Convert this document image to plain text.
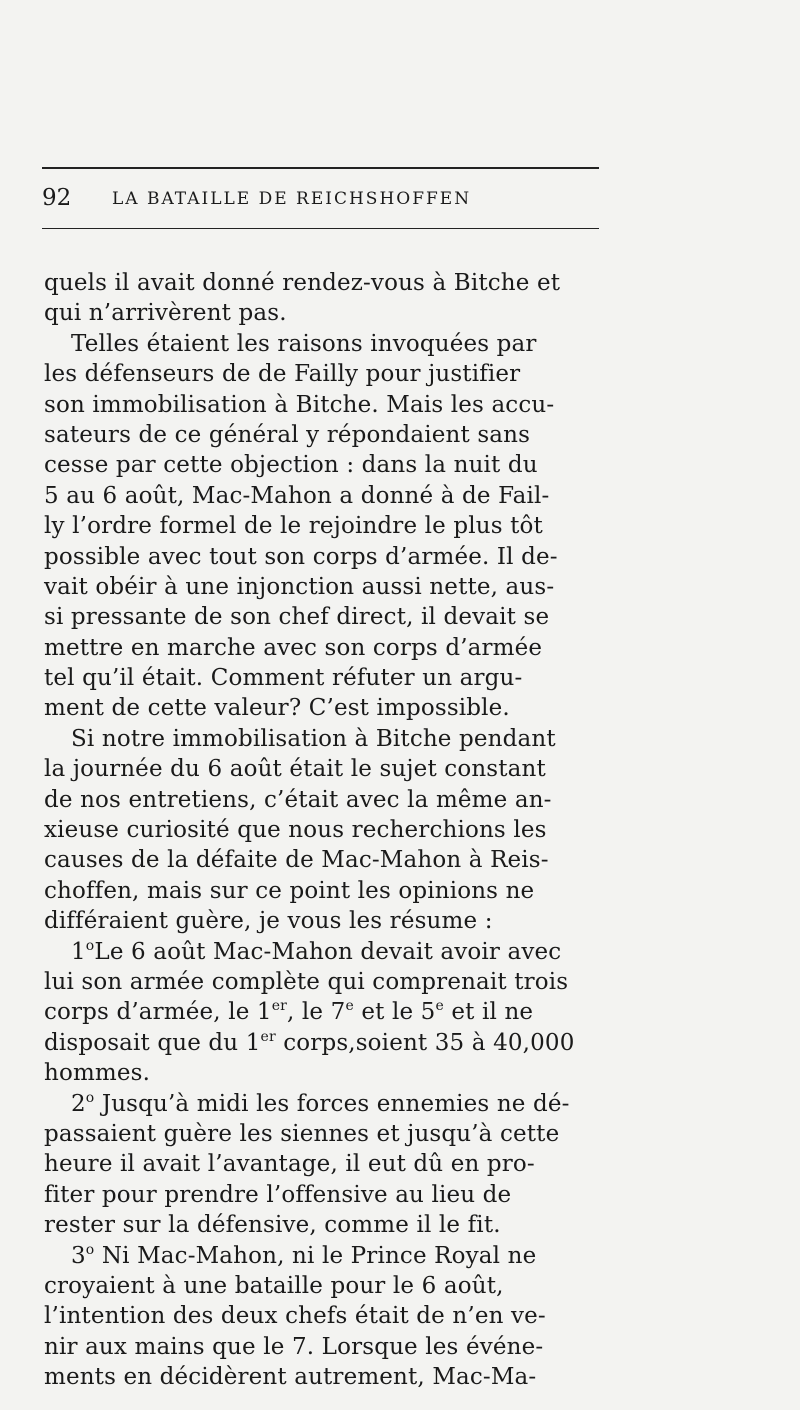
92 LA BATAILLE DE REICHSHOFFEN
quels il avait donné rendez-vous à Bitche et
qui n’arrivèrent pas.
Telles étaient les raisons invoquées par
les défenseurs de de Failly pour justifier
son immobilisation à Bitche. Mais les accu-
sateurs de ce général y répondaient sans
cesse par cette objection : dans la nuit du
5 au 6 août, Mac-Mahon a donné à de Fail-
ly l’ordre formel de le rejoindre le plus tôt
possible avec tout son corps d’armée. Il de-
vait obéir à une injonction aussi nette, aus-
si pressante de son chef direct, il devait se
mettre en marche avec son corps d’armée
tel qu’il était. Comment réfuter un argu-
ment de cette valeur? C’est impossible.
Si notre immobilisation à Bitche pendant
la journée du 6 août était le sujet constant
de nos entretiens, c’était avec la même an-
xieuse curiosité que nous recherchions les
causes de la défaite de Mac-Mahon à Reis-
choffen, mais sur ce point les opinions ne
différaient guère, je vous les résume :
1$^o$Le 6 août Mac-Mahon devait avoir avec
lui son armée complète qui comprenait trois
corps d’armée, le 1er, le 7e et le 5e et il ne
disposait que du 1er corps,soient 35 à 40,000
hommes.
2$^o$ Jusqu’à midi les forces ennemies ne dé-
passaient guère les siennes et jusqu’à cette
heure il avait l’avantage, il eut dû en pro-
fiter pour prendre l’offensive au lieu de
rester sur la défensive, comme il le fit.
3$^o$ Ni Mac-Mahon, ni le Prince Royal ne
croyaient à une bataille pour le 6 août,
l’intention des deux chefs était de n’en ve-
nir aux mains que le 7. Lorsque les événe-
ments en décidèrent autrement, Mac-Ma-
